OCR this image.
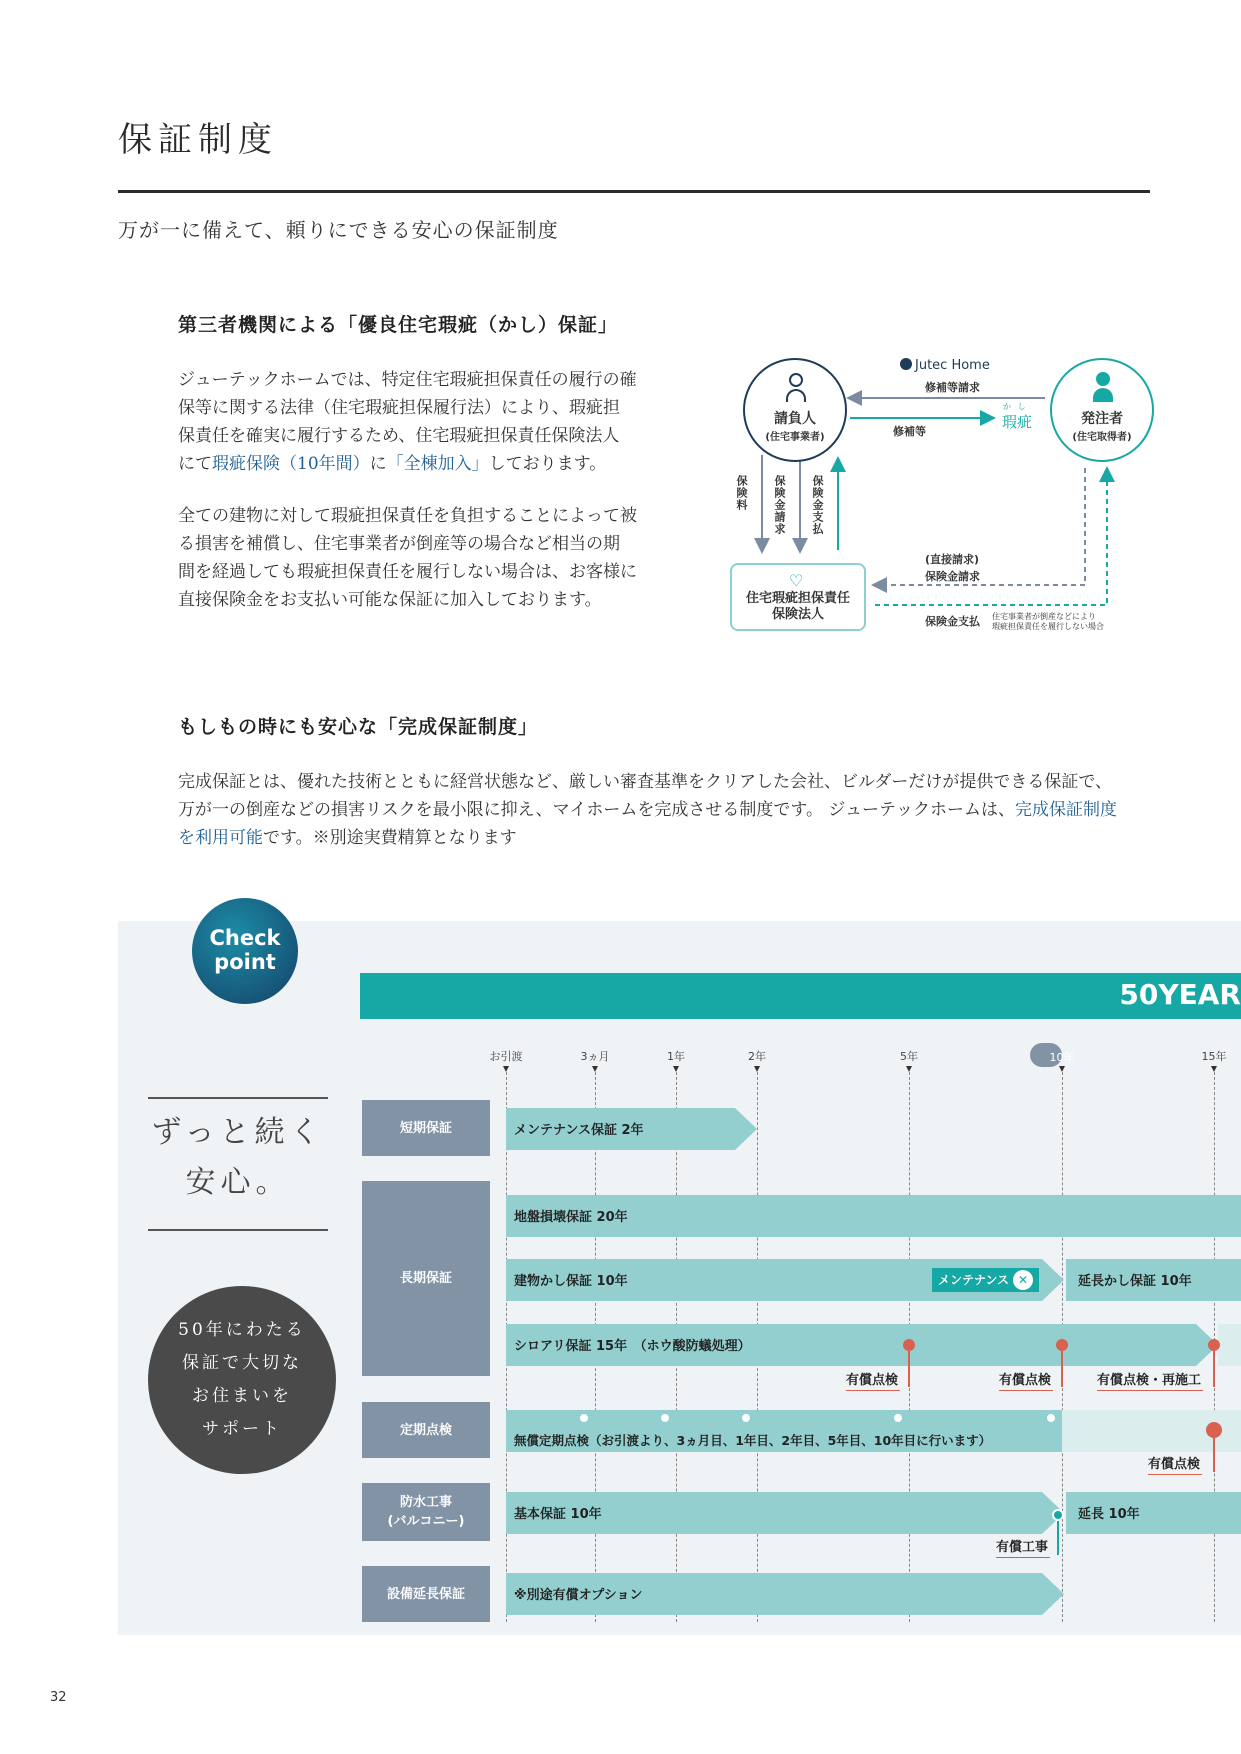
保証制度
万が一に備えて、頼りにできる安心の保証制度
第三者機関による「優良住宅瑕疵（かし）保証」
ジューテックホームでは、特定住宅瑕疵担保責任の履行の確
保等に関する法律（住宅瑕疵担保履行法）により、瑕疵担
保責任を確実に履行するため、住宅瑕疵担保責任保険法人
にて瑕疵保険（10年間）に「全棟加入」しております。
全ての建物に対して瑕疵担保責任を負担することによって被
る損害を補償し、住宅事業者が倒産等の場合など相当の期
間を経過しても瑕疵担保責任を履行しない場合は、お客様に
直接保険金をお支払い可能な保証に加入しております。
Jutec Home
修補等請求
修補等
か し
瑕疵
請負人
(住宅事業者)
発注者
(住宅取得者)
保険料 保険金請求 保険金支払
♡
住宅瑕疵担保責任
保険法人
(直接請求)
保険金請求
保険金支払 住宅事業者が倒産などにより
瑕疵担保責任を履行しない場合
もしもの時にも安心な「完成保証制度」
完成保証とは、優れた技術とともに経営状態など、厳しい審査基準をクリアした会社、ビルダーだけが提供できる保証で、
万が一の倒産などの損害リスクを最小限に抑え、マイホームを完成させる制度です。 ジューテックホームは、完成保証制度
を利用可能です。※別途実費精算となります
Check
point
50YEAR
お引渡	3ヵ月	1年	2年	5年	10年	15年
ずっと続く
安心。
50年にわたる
保証で大切な
お住まいを
サポート
短期保証
長期保証
定期点検
防水工事
(バルコニー)
設備延長保証
メンテナンス保証 2年
地盤損壊保証 20年
建物かし保証 10年	メンテナンス ✕	延長かし保証 10年
シロアリ保証 15年　（ホウ酸防蟻処理）
有償点検	有償点検	有償点検・再施工
無償定期点検（お引渡より、3ヵ月目、1年目、2年目、5年目、10年目に行います）
有償点検
基本保証 10年	延長 10年
有償工事
※別途有償オプション
32
